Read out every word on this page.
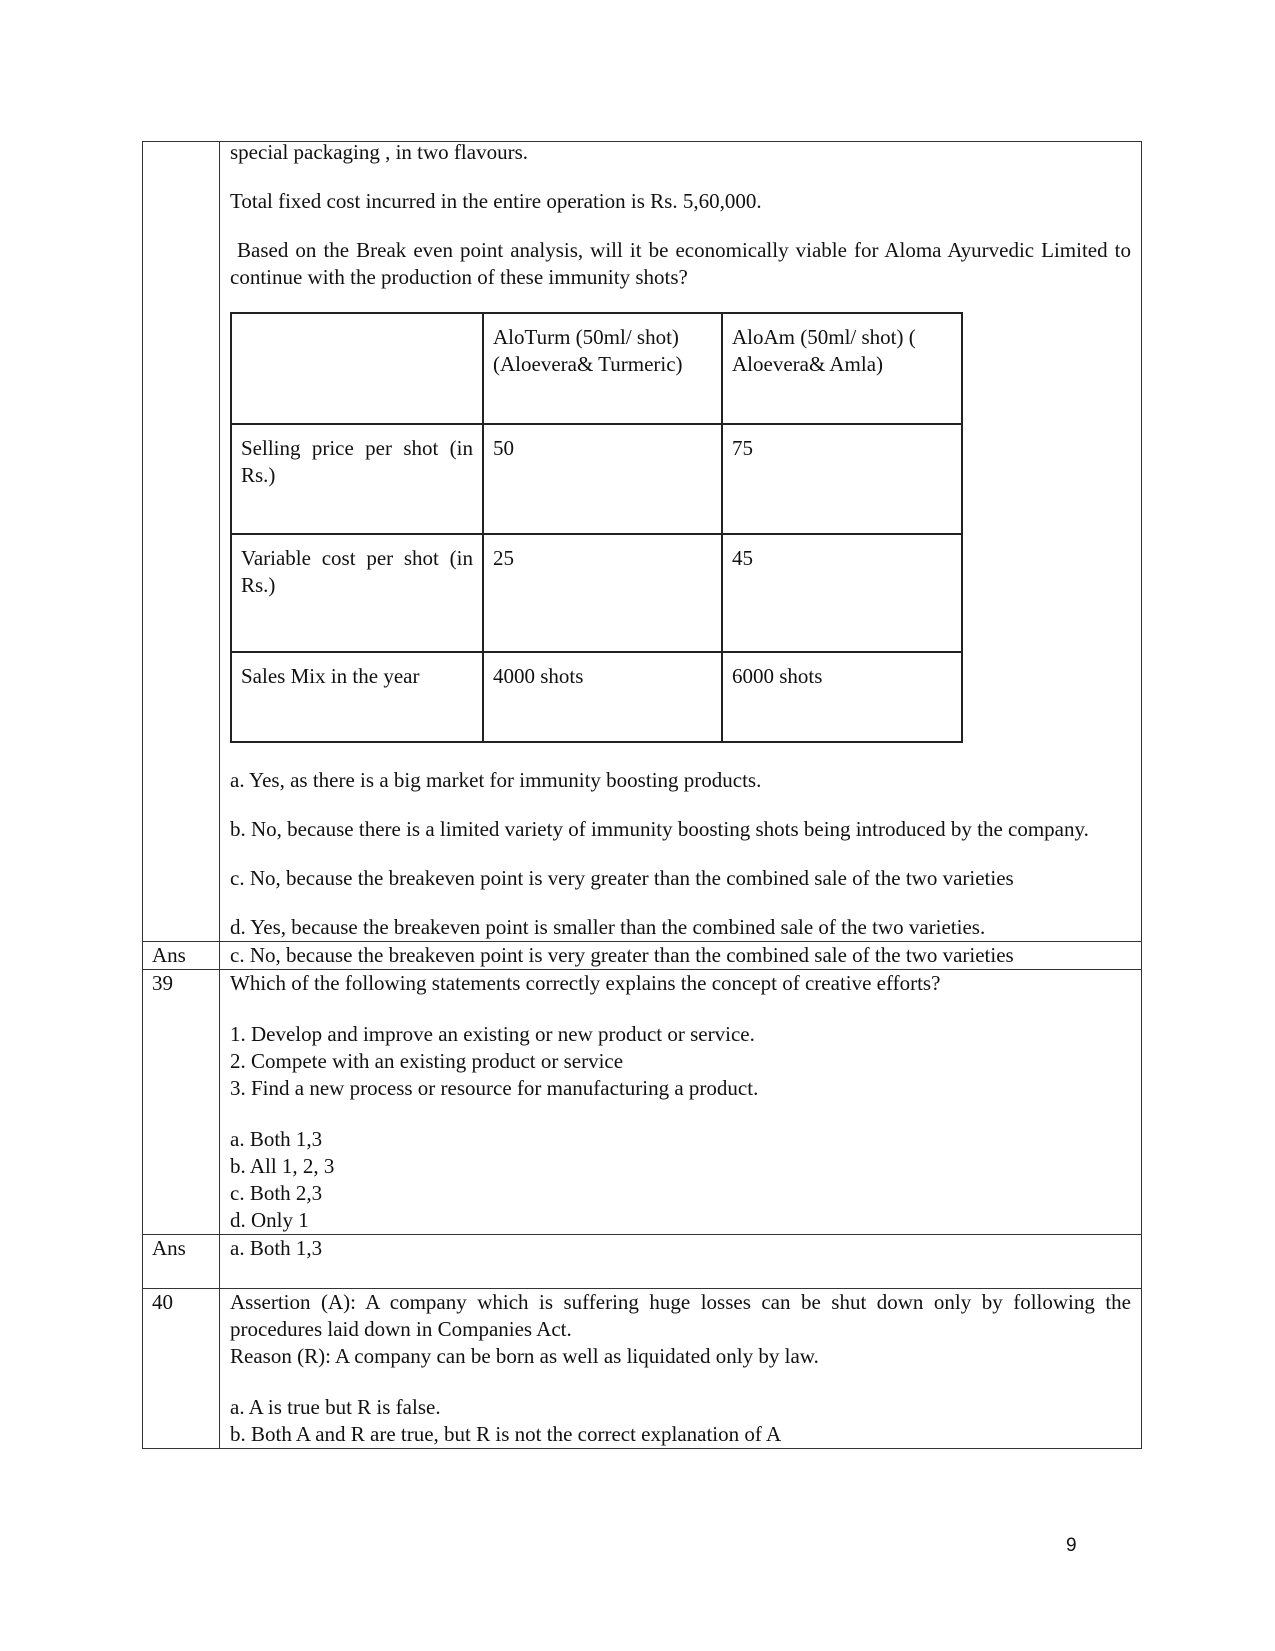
special packaging , in two flavours.

Total fixed cost incurred in the entire operation is Rs. 5,60,000.

Based on the Break even point analysis, will it be economically viable for Aloma Ayurvedic Limited to continue with the production of these immunity shots?

	AloTurm (50ml/ shot) (Aloevera& Turmeric)	AloAm (50ml/ shot) ( Aloevera& Amla)
Selling price per shot (in Rs.)	50	75
Variable cost per shot (in Rs.)	25	45
Sales Mix in the year	4000 shots	6000 shots

a. Yes, as there is a big market for immunity boosting products.

b. No, because there is a limited variety of immunity boosting shots being introduced by the company.

c. No, because the breakeven point is very greater than the combined sale of the two varieties

d. Yes, because the breakeven point is smaller than the combined sale of the two varieties.

Ans	c. No, because the breakeven point is very greater than the combined sale of the two varieties
39	Which of the following statements correctly explains the concept of creative efforts?

1. Develop and improve an existing or new product or service.

2. Compete with an existing product or service

3. Find a new process or resource for manufacturing a product.

a. Both 1,3

b. All 1, 2, 3

c. Both 2,3

d. Only 1

Ans	a. Both 1,3
40	Assertion (A): A company which is suffering huge losses can be shut down only by following the procedures laid down in Companies Act.

Reason (R): A company can be born as well as liquidated only by law.

a. A is true but R is false.

b. Both A and R are true, but R is not the correct explanation of A

9
